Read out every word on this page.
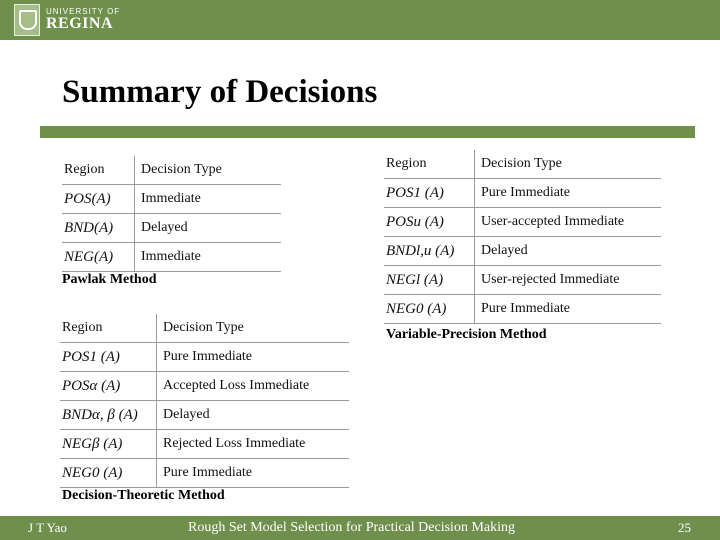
UNIVERSITY OF
REGINA
Summary of Decisions
Region	Decision Type
POS(A)	Immediate
BND(A)	Delayed
NEG(A)	Immediate
Pawlak Method
Region	Decision Type
POS1 (A)	Pure Immediate
POSu (A)	User-accepted Immediate
BNDl,u (A)	Delayed
NEGl (A)	User-rejected Immediate
NEG0 (A)	Pure Immediate
Variable-Precision Method
Region	Decision Type
POS1 (A)	Pure Immediate
POSα (A)	Accepted Loss Immediate
BNDα, β (A)	Delayed
NEGβ (A)	Rejected Loss Immediate
NEG0 (A)	Pure Immediate
Decision-Theoretic Method
J T Yao	Rough Set Model Selection for Practical Decision Making	25
